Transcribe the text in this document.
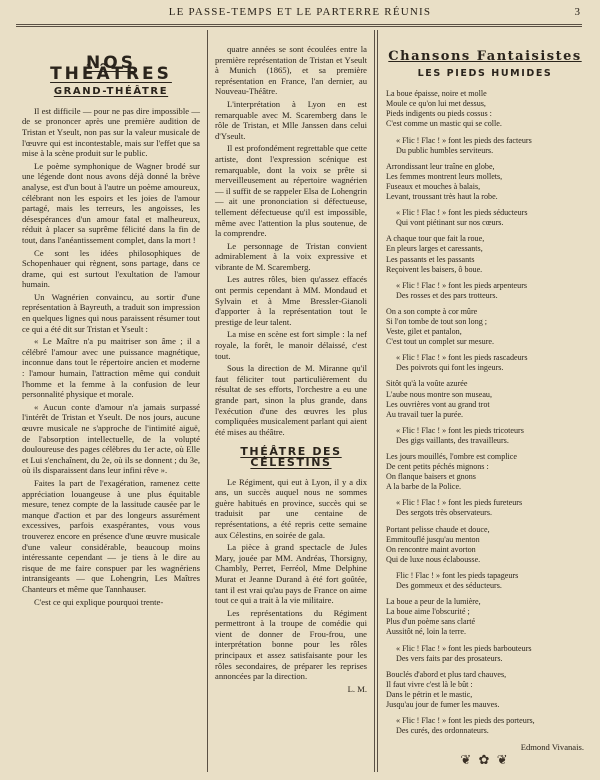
LE PASSE-TEMPS ET LE PARTERRE RÉUNIS	3
NOS THÉÂTRES
GRAND-THÉÂTRE

Il est difficile — pour ne pas dire impossible — de se prononcer après une première audition de Tristan et Yseult, non pas sur la valeur musicale de l'œuvre qui est incontestable, mais sur l'effet que sa mise à la scène produit sur le public.

Le poème symphonique de Wagner brodé sur une légende dont nous avons déjà donné la brève analyse, est d'un bout à l'autre un poème amoureux, célébrant non les espoirs et les joies de l'amour partagé, mais les terreurs, les angoisses, les désespérances d'un amour fatal et malheureux, réduit à placer sa suprême félicité dans la fin de tout, dans l'anéantissement complet, dans la mort !

Ce sont les idées philosophiques de Schopenhauer qui règnent, sons partage, dans ce drame, qui est surtout l'exultation de l'amour humain.

Un Wagnérien convaincu, au sortir d'une représentation à Bayreuth, a traduit son impression en quelques lignes qui nous paraissent résumer tout ce qui a été dit sur Tristan et Yseult :

« Le Maître n'a pu maitriser son âme ; il a célébré l'amour avec une puissance magnétique, inconnue dans tout le répertoire ancien et moderne : l'amour humain, l'attraction même qui conduit l'homme et la femme à la confusion de leur personnalité physique et morale.

« Aucun conte d'amour n'a jamais surpassé l'intérêt de Tristan et Yseult. De nos jours, aucune œuvre musicale ne s'approche de l'intimité aiguë, de l'absorption intellectuelle, de la volupté douloureuse des pages célèbres du 1er acte, où Elle et Lui s'enchaînent, du 2e, où ils se donnent ; du 3e, où ils disparaissent dans leur infini rêve ».

Faites la part de l'exagération, ramenez cette appréciation louangeuse à une plus équitable mesure, tenez compte de la lassitude causée par le manque d'action et par des longeurs assurément excessives, parfois exaspérantes, vous vous trouverez encore en présence d'une œuvre musicale d'une valeur considérable, beaucoup moins intéressante cependant — je tiens à le dire au risque de me faire conspuer par les wagnériens intransigeants — que Lohengrin, Les Maîtres Chanteurs et même que Tannhauser.

C'est ce qui explique pourquoi trente-

quatre années se sont écoulées entre la première représentation de Tristan et Yseult à Munich (1865), et sa première représentation en France, l'an dernier, au Nouveau-Théâtre.

L'interprétation à Lyon en est remarquable avec M. Scaremberg dans le rôle de Tristan, et Mlle Janssen dans celui d'Yseult.

Il est profondément regrettable que cette artiste, dont l'expression scénique est remarquable, dont la voix se prête si merveilleusement au répertoire wagnérien — il suffit de se rappeler Elsa de Lohengrin — ait une prononciation si défectueuse, tellement défectueuse qu'il est impossible, même avec l'attention la plus soutenue, de la comprendre.

Le personnage de Tristan convient admirablement à la voix expressive et vibrante de M. Scaremberg.

Les autres rôles, bien qu'assez effacés ont permis cependant à MM. Mondaud et Sylvain et à Mme Bressler-Gianoli d'apporter à la représentation tout le prestige de leur talent.

La mise en scène est fort simple : la nef royale, la forêt, le manoir délaissé, c'est tout.

Sous la direction de M. Miranne qu'il faut féliciter tout particulièrement du résultat de ses efforts, l'orchestre a eu une grande part, sinon la plus grande, dans l'exécution d'une des œuvres les plus compliquées musicalement parlant qui aient été mises au théâtre.

THÉÂTRE DES CÉLESTINS

Le Régiment, qui eut à Lyon, il y a dix ans, un succès auquel nous ne sommes guère habitués en province, succès qui se traduisit par une centaine de représentations, a été repris cette semaine aux Célestins, en soirée de gala.

La pièce à grand spectacle de Jules Mary, jouée par MM. Andréas, Thorsigny, Chambly, Perret, Ferréol, Mme Delphine Murat et Jeanne Durand à été fort goûtée, tant il est vrai qu'au pays de France on aime tout ce qui a trait à la vie militaire.

Les représentations du Régiment permettront à la troupe de comédie qui vient de donner de Frou-frou, une interprétation bonne pour les rôles principaux et assez satisfaisante pour les rôles secondaires, de préparer les reprises annoncées par la direction.

L. M.
Chansons Fantaisistes
LES PIEDS HUMIDES
La boue épaisse, noire et molle
Moule ce qu'on lui met dessus,
Pieds indigents ou pieds cossus :
C'est comme un mastic qui se colle.
« Flic ! Flac ! » font les pieds des facteurs
Du public humbles serviteurs.
Arrondissant leur traîne en globe,
Les femmes montrent leurs mollets,
Fuseaux et mouches à balais,
Levant, troussant très haut la robe.
« Flic ! Flac ! » font les pieds séducteurs
Qui vont piétinant sur nos cœurs.
A chaque tour que fait la roue,
En pleurs larges et caressants,
Les passants et les passants
Reçoivent les baisers, ô boue.
« Flic ! Flac ! » font les pieds arpenteurs
Des rosses et des pars trotteurs.
On a son compte à cor mûre
Si l'on tombe de tout son long ;
Veste, gilet et pantalon,
C'est tout un complet sur mesure.
« Flic ! Flac ! » font les pieds rascadeurs
Des poivrots qui font les ingeurs.
Sitôt qu'à la voûte azurée
L'aube nous montre son museau,
Les ouvrières vont au grand trot
Au travail tuer la purée.
« Flic ! Flac ! » font les pieds tricoteurs
Des gigs vaillants, des travailleurs.
Les jours mouillés, l'ombre est complice
De cent petits péchés mignons :
On flanque baisers et gnons
A la barbe de la Police.
« Flic ! Flac ! » font les pieds fureteurs
Des sergots très observateurs.
Portant pelisse chaude et douce,
Emmitouflé jusqu'au menton
On rencontre maint avorton
Qui de luxe nous éclabousse.
Flic ! Flac ! » font les pieds tapageurs
Des gommeux et des séducteurs.
La boue a peur de la lumière,
La boue aime l'obscurité ;
Plus d'un poème sans clarté
Aussitôt né, loin la terre.
« Flic ! Flac ! » font les pieds barbouteurs
Des vers faits par des prosateurs.
Bouclés d'abord et plus tard chauves,
Il faut vivre c'est là le bût :
Dans le pétrin et le mastic,
Jusqu'au jour de fumer les mauves.
« Flic ! Flac ! » font les pieds des porteurs,
Des curés, des ordonnateurs.
Edmond Vivanais.
❦ ✿ ❦
